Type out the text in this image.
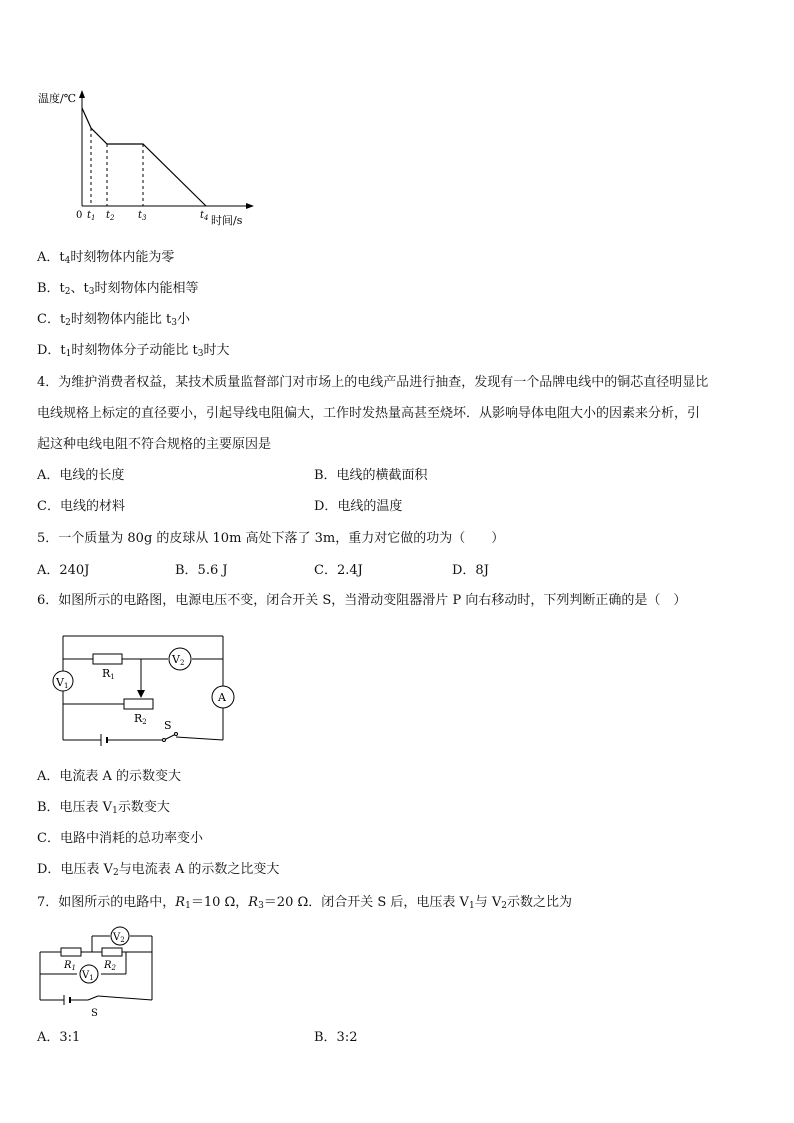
温度/℃
0 $t_1$ $t_2$ $t_3$	$t_4$ 时间/s
A．$t_4$时刻物体内能为零
B．$t_2$、$t_3$时刻物体内能相等
C．$t_2$时刻物体内能比 $t_3$小
D．$t_1$时刻物体分子动能比 $t_3$时大
4．为维护消费者权益，某技术质量监督部门对市场上的电线产品进行抽查，发现有一个品牌电线中的铜芯直径明显比
电线规格上标定的直径要小，引起导线电阻偏大，工作时发热量高甚至烧坏．从影响导体电阻大小的因素来分析，引
起这种电线电阻不符合规格的主要原因是
A．电线的长度	B．电线的横截面积
C．电线的材料	D．电线的温度
5．一个质量为 80g 的皮球从 10m 高处下落了 3m，重力对它做的功为（　　）
A．240J	B．5.6 J	C．2.4J	D．8J
6．如图所示的电路图，电源电压不变，闭合开关 S，当滑动变阻器滑片 P 向右移动时，下列判断正确的是（　）
V1
V2
A
R1
R2 S
A．电流表 A 的示数变大
B．电压表 $V_1$示数变大
C．电路中消耗的总功率变小
D．电压表 $V_2$与电流表 A 的示数之比变大
7．如图所示的电路中，$R_1=10$ Ω，$R_3=20$ Ω．闭合开关 S 后，电压表 $V_1$与 $V_2$示数之比为
$V_2$
$V_1$
$R_1$	$R_2$
S
A．3:1	B．3:2
